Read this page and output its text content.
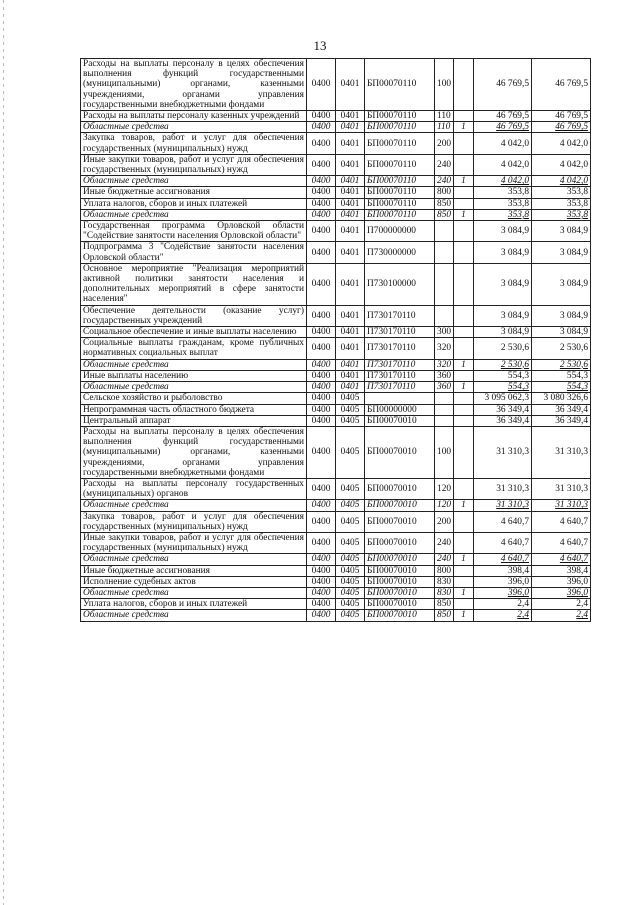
13
Расходы на выплаты персоналу в целях обеспечения выполнения функций государственными (муниципальными) органами, казенными учреждениями, органами управления государственными внебюджетными фондами	0400	0401	БП00070110	100		46 769,5	46 769,5
Расходы на выплаты персоналу казенных учреждений	0400	0401	БП00070110	110		46 769,5	46 769,5
Областные средства	0400	0401	БП00070110	110	1	46 769,5	46 769,5
Закупка товаров, работ и услуг для обеспечения государственных (муниципальных) нужд	0400	0401	БП00070110	200		4 042,0	4 042,0
Иные закупки товаров, работ и услуг для обеспечения государственных (муниципальных) нужд	0400	0401	БП00070110	240		4 042,0	4 042,0
Областные средства	0400	0401	БП00070110	240	1	4 042,0	4 042,0
Иные бюджетные ассигнования	0400	0401	БП00070110	800		353,8	353,8
Уплата налогов, сборов и иных платежей	0400	0401	БП00070110	850		353,8	353,8
Областные средства	0400	0401	БП00070110	850	1	353,8	353,8
Государственная программа Орловской области "Содействие занятости населения Орловской области"	0400	0401	П700000000			3 084,9	3 084,9
Подпрограмма 3 "Содействие занятости населения Орловской области"	0400	0401	П730000000			3 084,9	3 084,9
Основное мероприятие "Реализация мероприятий активной политики занятости населения и дополнительных мероприятий в сфере занятости населения"	0400	0401	П730100000			3 084,9	3 084,9
Обеспечение деятельности (оказание услуг) государственных учреждений	0400	0401	П730170110			3 084,9	3 084,9
Социальное обеспечение и иные выплаты населению	0400	0401	П730170110	300		3 084,9	3 084,9
Социальные выплаты гражданам, кроме публичных нормативных социальных выплат	0400	0401	П730170110	320		2 530,6	2 530,6
Областные средства	0400	0401	П730170110	320	1	2 530,6	2 530,6
Иные выплаты населению	0400	0401	П730170110	360		554,3	554,3
Областные средства	0400	0401	П730170110	360	1	554,3	554,3
Сельское хозяйство и рыболовство	0400	0405				3 095 062,3	3 080 326,6
Непрограммная часть областного бюджета	0400	0405	БП00000000			36 349,4	36 349,4
Центральный аппарат	0400	0405	БП00070010			36 349,4	36 349,4
Расходы на выплаты персоналу в целях обеспечения выполнения функций государственными (муниципальными) органами, казенными учреждениями, органами управления государственными внебюджетными фондами	0400	0405	БП00070010	100		31 310,3	31 310,3
Расходы на выплаты персоналу государственных (муниципальных) органов	0400	0405	БП00070010	120		31 310,3	31 310,3
Областные средства	0400	0405	БП00070010	120	1	31 310,3	31 310,3
Закупка товаров, работ и услуг для обеспечения государственных (муниципальных) нужд	0400	0405	БП00070010	200		4 640,7	4 640,7
Иные закупки товаров, работ и услуг для обеспечения государственных (муниципальных) нужд	0400	0405	БП00070010	240		4 640,7	4 640,7
Областные средства	0400	0405	БП00070010	240	1	4 640,7	4 640,7
Иные бюджетные ассигнования	0400	0405	БП00070010	800		398,4	398,4
Исполнение судебных актов	0400	0405	БП00070010	830		396,0	396,0
Областные средства	0400	0405	БП00070010	830	1	396,0	396,0
Уплата налогов, сборов и иных платежей	0400	0405	БП00070010	850		2,4	2,4
Областные средства	0400	0405	БП00070010	850	1	2,4	2,4
